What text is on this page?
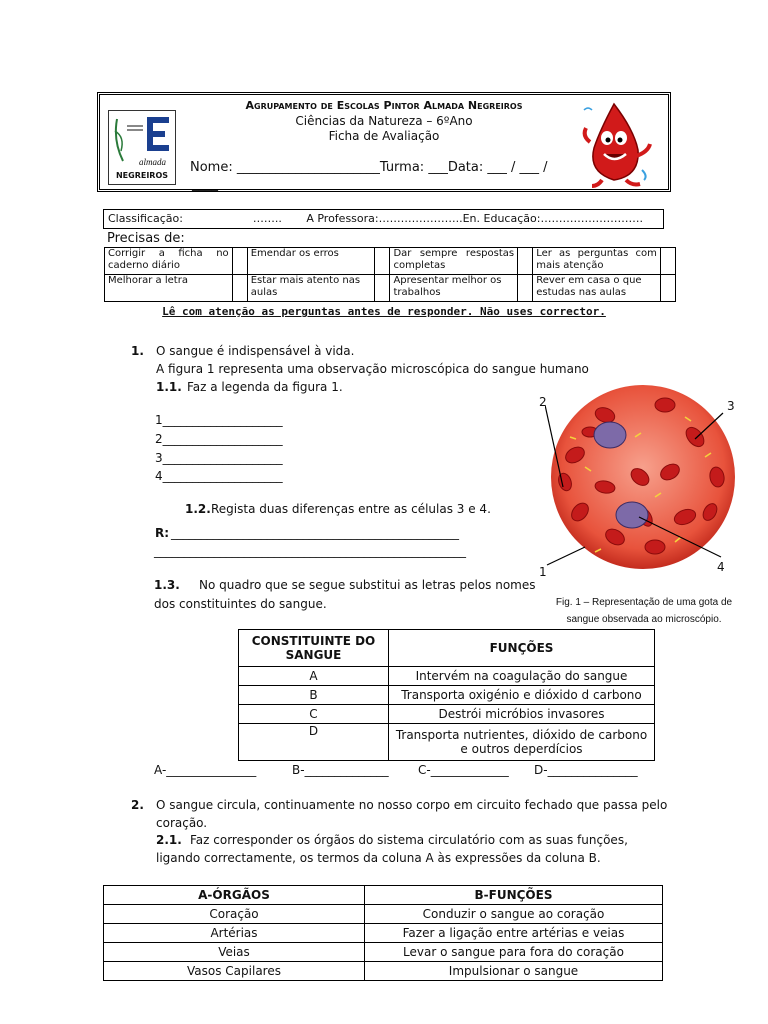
Agrupamento de Escolas Pintor Almada Negreiros
Ciências da Natureza – 6ºAno
Ficha de Avaliação
almada
NEGREIROS
Nome: ______________________Turma: ___Data: ___ / ___ /
____
Classificação:                    ……..       A Professora:…………………..En. Educação:……………………….
Precisas de:
Corrigir a ficha no caderno diário		Emendar os erros		Dar sempre respostas completas		Ler as perguntas com mais atenção	
Melhorar a letra		Estar mais atento nas aulas		Apresentar melhor os trabalhos		Rever em casa o que estudas nas aulas	
Lê com atenção as perguntas antes de responder. Não uses corrector.
1. O sangue é indispensável à vida.
A figura 1 representa uma observação microscópica do sangue humano
1.1. Faz a legenda da figura 1.
1____________________
2____________________
3____________________
4____________________
1.2. Regista duas diferenças entre as células 3 e 4.
R: ________________________________________________
____________________________________________________
1.3. No quadro que se segue substitui as letras pelos nomes
dos constituintes do sangue.
2	3
1	4
Fig. 1 – Representação de uma gota de sangue observada ao microscópio.
CONSTITUINTE DO SANGUE	FUNÇÕES
A	Intervém na coagulação do sangue
B	Transporta oxigénio e dióxido d carbono
C	Destrói micróbios invasores
D	Transporta nutrientes, dióxido de carbono e outros deperdícios
A-_______________	B-______________ C-_____________ D-_______________
2. O sangue circula, continuamente no nosso corpo em circuito fechado que passa pelo
coração.
2.1. Faz corresponder os órgãos do sistema circulatório com as suas funções,
ligando correctamente, os termos da coluna A às expressões da coluna B.
A-ÓRGÃOS	B-FUNÇÕES
Coração	Conduzir o sangue ao coração
Artérias	Fazer a ligação entre artérias e veias
Veias	Levar o sangue para fora do coração
Vasos Capilares	Impulsionar o sangue
